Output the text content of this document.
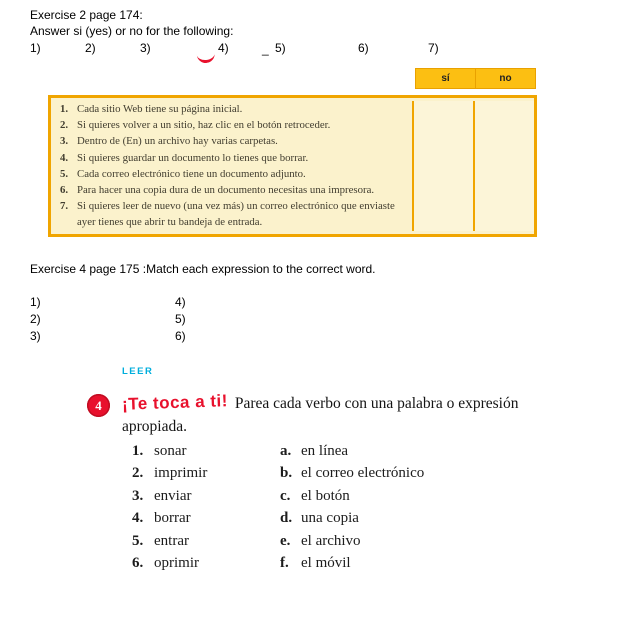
Exercise 2 page 174:
Answer si (yes) or no for the following:
1)	2)	3)	4)	_ 5)	6)	7)
sí	no
1. Cada sitio Web tiene su página inicial.
2. Si quieres volver a un sitio, haz clic en el botón retroceder.
3. Dentro de (En) un archivo hay varias carpetas.
4. Si quieres guardar un documento lo tienes que borrar.
5. Cada correo electrónico tiene un documento adjunto.
6. Para hacer una copia dura de un documento necesitas una impresora.
7. Si quieres leer de nuevo (una vez más) un correo electrónico que enviaste ayer tienes que abrir tu bandeja de entrada.
Exercise 4 page 175 :Match each expression to the correct word.
1)
2)
3)
4)
5)
6)
LEER
4 ¡Te toca a ti! Parea cada verbo con una palabra o expresión apropiada.
1. sonar	a. en línea
2. imprimir	b. el correo electrónico
3. enviar	c. el botón
4. borrar	d. una copia
5. entrar	e. el archivo
6. oprimir	f. el móvil
